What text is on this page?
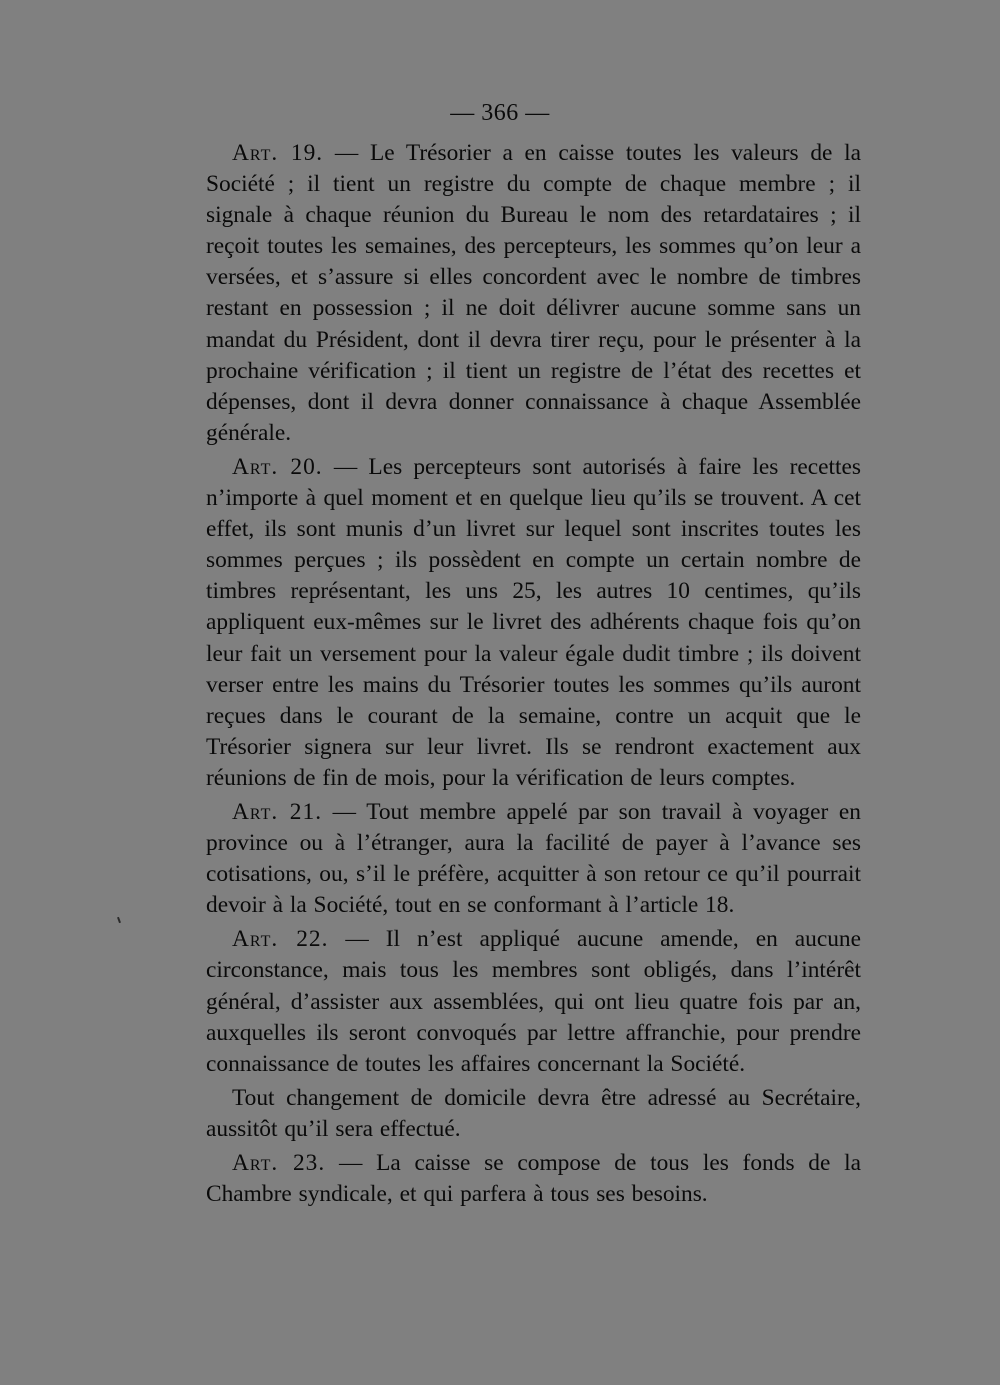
— 366 —

Art. 19. — Le Trésorier a en caisse toutes les valeurs de la Société ; il tient un registre du compte de chaque membre ; il signale à chaque réunion du Bureau le nom des retardataires ; il reçoit toutes les semaines, des percepteurs, les sommes qu’on leur a versées, et s’assure si elles concordent avec le nombre de timbres restant en possession ; il ne doit délivrer aucune somme sans un mandat du Président, dont il devra tirer reçu, pour le présenter à la prochaine vérification ; il tient un registre de l’état des recettes et dépenses, dont il devra donner connaissance à chaque Assemblée générale.

Art. 20. — Les percepteurs sont autorisés à faire les recettes n’importe à quel moment et en quelque lieu qu’ils se trouvent. A cet effet, ils sont munis d’un livret sur lequel sont inscrites toutes les sommes perçues ; ils possèdent en compte un certain nombre de timbres représentant, les uns 25, les autres 10 centimes, qu’ils appliquent eux-mêmes sur le livret des adhérents chaque fois qu’on leur fait un versement pour la valeur égale dudit timbre ; ils doivent verser entre les mains du Trésorier toutes les sommes qu’ils auront reçues dans le courant de la semaine, contre un acquit que le Trésorier signera sur leur livret. Ils se rendront exactement aux réunions de fin de mois, pour la vérification de leurs comptes.

Art. 21. — Tout membre appelé par son travail à voyager en province ou à l’étranger, aura la facilité de payer à l’avance ses cotisations, ou, s’il le préfère, acquitter à son retour ce qu’il pourrait devoir à la Société, tout en se conformant à l’article 18.

Art. 22. — Il n’est appliqué aucune amende, en aucune circonstance, mais tous les membres sont obligés, dans l’intérêt général, d’assister aux assemblées, qui ont lieu quatre fois par an, auxquelles ils seront convoqués par lettre affranchie, pour prendre connaissance de toutes les affaires concernant la Société.

Tout changement de domicile devra être adressé au Secrétaire, aussitôt qu’il sera effectué.

Art. 23. — La caisse se compose de tous les fonds de la Chambre syndicale, et qui parfera à tous ses besoins.
